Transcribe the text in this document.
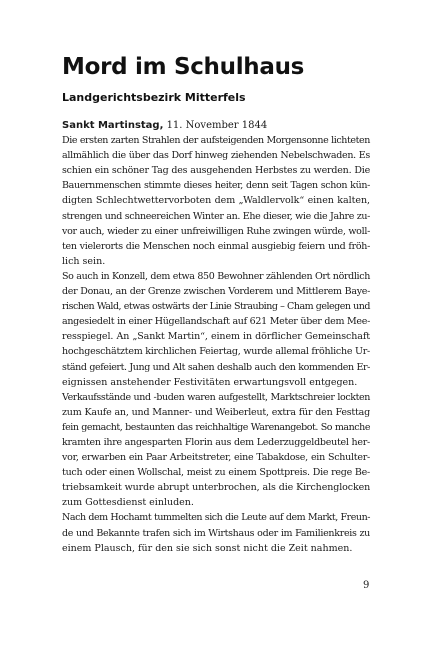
Mord im Schulhaus
Landgerichtsbezirk Mitterfels
Sankt Martinstag, 11. November 1844
Die ersten zarten Strahlen der aufsteigenden Morgensonne lichteten
allmählich die über das Dorf hinweg ziehenden Nebelschwaden. Es
schien ein schöner Tag des ausgehenden Herbstes zu werden. Die
Bauernmenschen stimmte dieses heiter, denn seit Tagen schon kün-
digten Schlechtwettervorboten dem „Waldlervolk“ einen kalten,
strengen und schneereichen Winter an. Ehe dieser, wie die Jahre zu-
vor auch, wieder zu einer unfreiwilligen Ruhe zwingen würde, woll-
ten vielerorts die Menschen noch einmal ausgiebig feiern und fröh-
lich sein.
So auch in Konzell, dem etwa 850 Bewohner zählenden Ort nördlich
der Donau, an der Grenze zwischen Vorderem und Mittlerem Baye-
rischen Wald, etwas ostwärts der Linie Straubing – Cham gelegen und
angesiedelt in einer Hügellandschaft auf 621 Meter über dem Mee-
resspiegel. An „Sankt Martin“, einem in dörflicher Gemeinschaft
hochgeschätztem kirchlichen Feiertag, wurde allemal fröhliche Ur-
ständ gefeiert. Jung und Alt sahen deshalb auch den kommenden Er-
eignissen anstehender Festivitäten erwartungsvoll entgegen.
Verkaufsstände und -buden waren aufgestellt, Marktschreier lockten
zum Kaufe an, und Manner- und Weiberleut, extra für den Festtag
fein gemacht, bestaunten das reichhaltige Warenangebot. So manche
kramten ihre angesparten Florin aus dem Lederzuggeldbeutel her-
vor, erwarben ein Paar Arbeitstreter, eine Tabakdose, ein Schulter-
tuch oder einen Wollschal, meist zu einem Spottpreis. Die rege Be-
triebsamkeit wurde abrupt unterbrochen, als die Kirchenglocken
zum Gottesdienst einluden.
Nach dem Hochamt tummelten sich die Leute auf dem Markt, Freun-
de und Bekannte trafen sich im Wirtshaus oder im Familienkreis zu
einem Plausch, für den sie sich sonst nicht die Zeit nahmen.
9
